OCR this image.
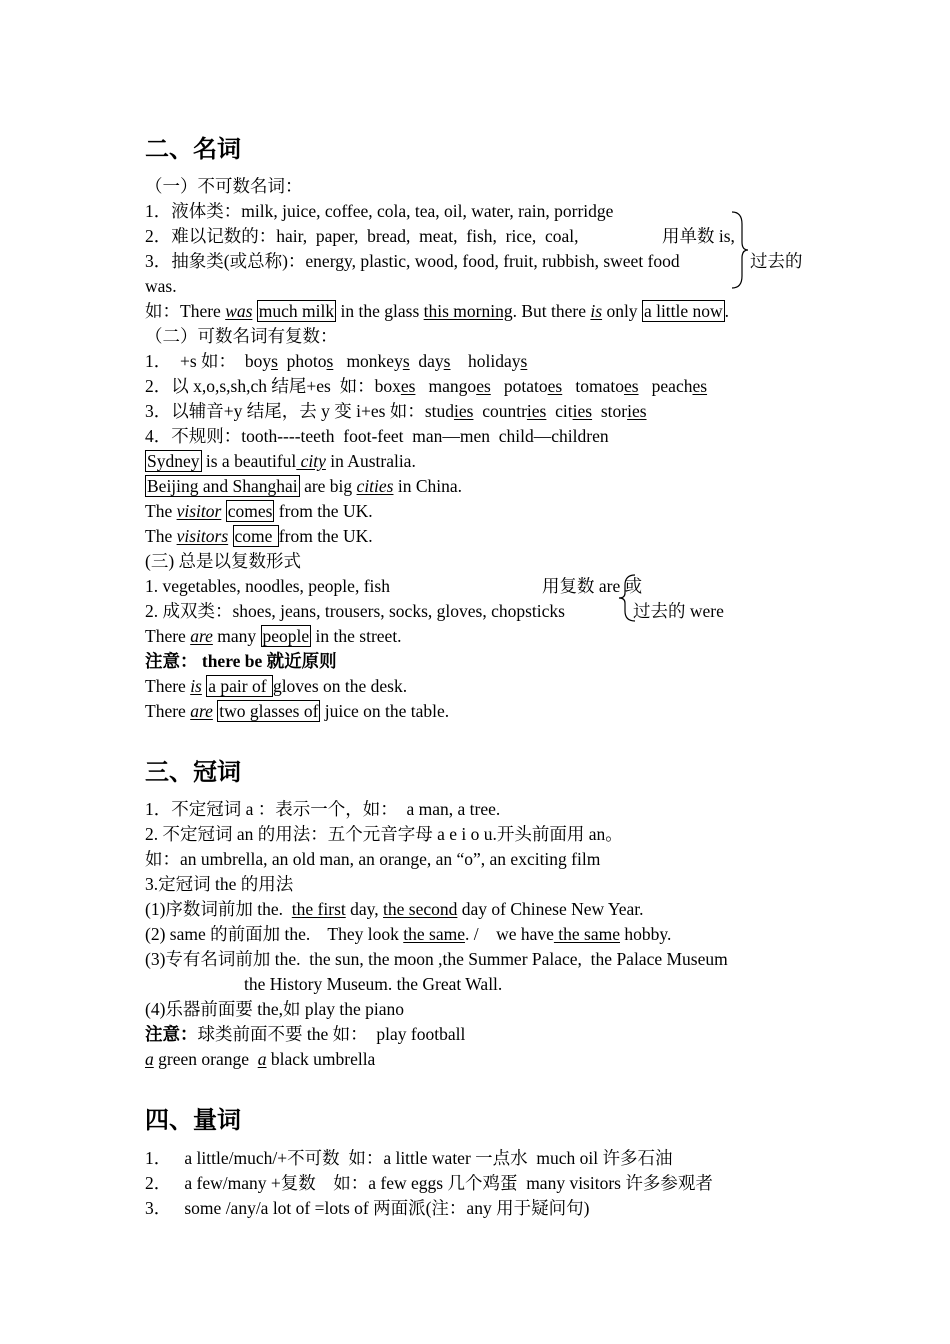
二、名词
（一）不可数名词：
1．液体类：milk, juice, coffee, cola, tea, oil, water, rain, porridge
2．难以记数的：hair,  paper,  bread,  meat,  fish,  rice,  coal,	用单数 is,
过去的
3．抽象类(或总称)：energy, plastic, wood, food, fruit, rubbish, sweet food
was.
如：There was much milk in the glass this morning. But there is only a little now .
（二）可数名词有复数：
1．  +s 如：  boys  photos   monkeys  days    holidays
2．以 x,o,s,sh,ch 结尾+es  如：boxes   mangoes   potatoes   tomatoes   peaches
3．以辅音+y 结尾，去 y 变 i+es 如：studies  countries  cities  stories
4．不规则：tooth----teeth  foot-feet  man—men  child—children
Sydney is a beautiful city in Australia.
Beijing and Shanghai are big cities in China.
The visitor comes from the UK.
The visitors come from the UK.
(三) 总是以复数形式
1. vegetables, noodles, people, fish	用复数 are 或
2. 成双类：shoes, jeans, trousers, socks, gloves, chopsticks	过去的 were
There are many people in the street.
注意： there be 就近原则
There is a pair of gloves on the desk.
There are two glasses of juice on the table.
三、冠词
1．不定冠词 a ：表示一个，如：  a man, a tree.
2. 不定冠词 an 的用法：五个元音字母 a e i o u.开头前面用 an。
如：an umbrella, an old man, an orange, an “o”, an exciting film
3.定冠词 the 的用法
(1)序数词前加 the.  the first day, the second day of Chinese New Year.
(2) same 的前面加 the.    They look the same. /    we have the same hobby.
(3)专有名词前加 the.  the sun, the moon ,the Summer Palace,  the Palace Museum
the History Museum. the Great Wall.
(4)乐器前面要 the,如 play the piano
注意：球类前面不要 the 如：  play football
a green orange  a black umbrella
四、量词
1．   a little/much/+不可数  如：a little water 一点水  much oil 许多石油
2．   a few/many +复数    如：a few eggs 几个鸡蛋  many visitors 许多参观者
3．   some /any/a lot of =lots of 两面派(注：any 用于疑问句)
